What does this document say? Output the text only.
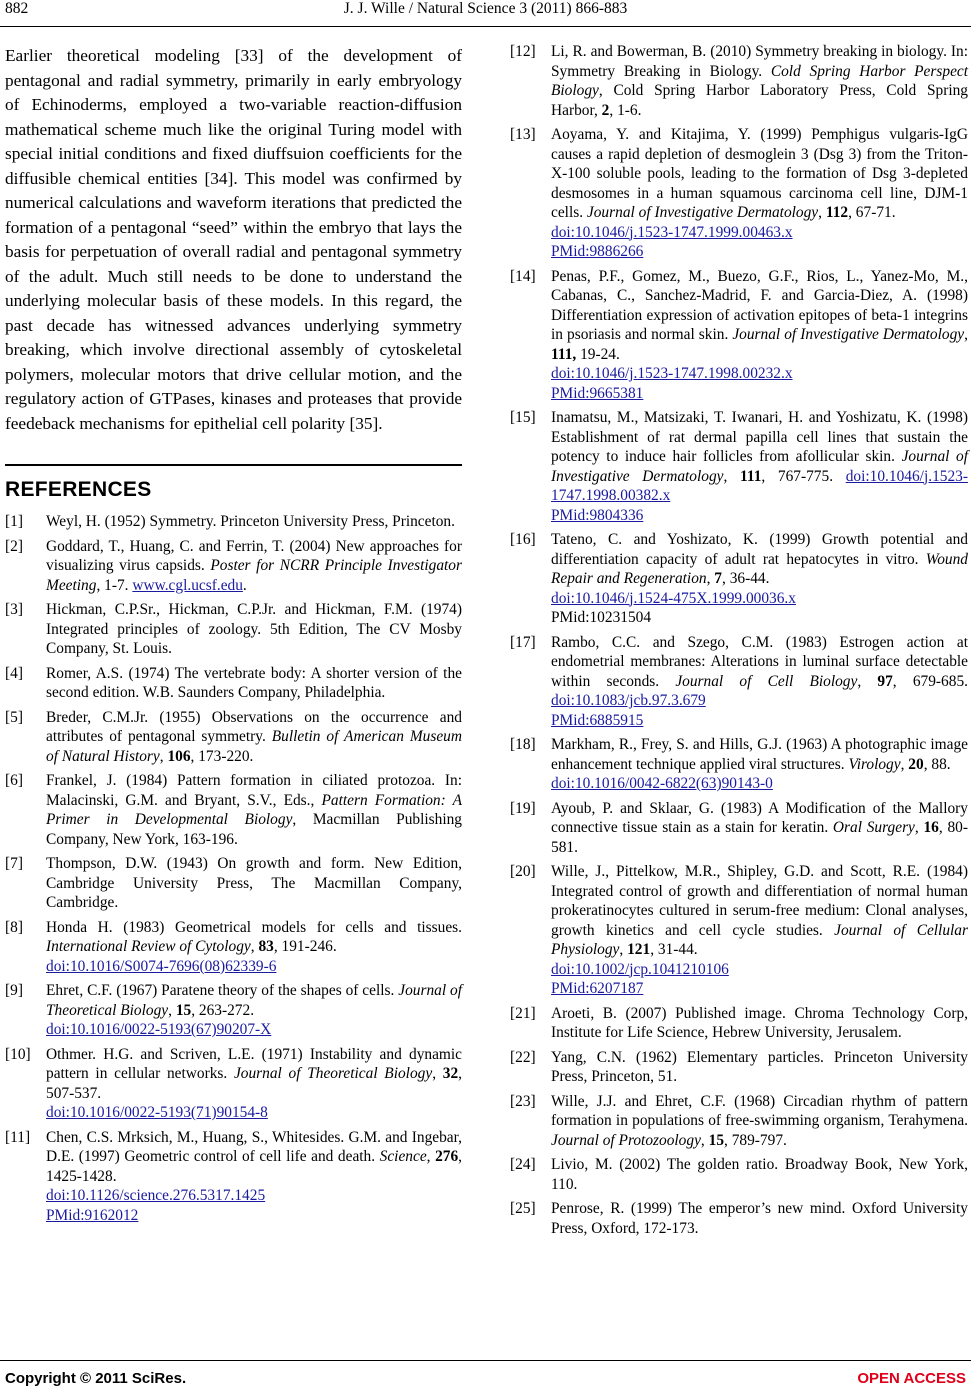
882	J. J. Wille / Natural Science 3 (2011) 866-883

Earlier theoretical modeling [33] of the development of pentagonal and radial symmetry, primarily in early embryology of Echinoderms, employed a two-variable reaction-diffusion mathematical scheme much like the original Turing model with special initial conditions and fixed diuffsuion coefficients for the diffusible chemical entities [34]. This model was confirmed by numerical calculations and waveform iterations that predicted the formation of a pentagonal “seed” within the embryo that lays the basis for perpetuation of overall radial and pentagonal symmetry of the adult. Much still needs to be done to understand the underlying molecular basis of these models. In this regard, the past decade has witnessed advances underlying symmetry breaking, which involve directional assembly of cytoskeletal polymers, molecular motors that drive cellular motion, and the regulatory action of GTPases, kinases and proteases that provide feedeback mechanisms for epithelial cell polarity [35].

REFERENCES
[1] Weyl, H. (1952) Symmetry. Princeton University Press, Princeton.
[2] Goddard, T., Huang, C. and Ferrin, T. (2004) New approaches for visualizing virus capsids. Poster for NCRR Principle Investigator Meeting, 1-7. www.cgl.ucsf.edu.
[3] Hickman, C.P.Sr., Hickman, C.P.Jr. and Hickman, F.M. (1974) Integrated principles of zoology. 5th Edition, The CV Mosby Company, St. Louis.
[4] Romer, A.S. (1974) The vertebrate body: A shorter version of the second edition. W.B. Saunders Company, Philadelphia.
[5] Breder, C.M.Jr. (1955) Observations on the occurrence and attributes of pentagonal symmetry. Bulletin of American Museum of Natural History, 106, 173-220.
[6] Frankel, J. (1984) Pattern formation in ciliated protozoa. In: Malacinski, G.M. and Bryant, S.V., Eds., Pattern Formation: A Primer in Developmental Biology, Macmillan Publishing Company, New York, 163-196.
[7] Thompson, D.W. (1943) On growth and form. New Edition, Cambridge University Press, The Macmillan Company, Cambridge.
[8] Honda H. (1983) Geometrical models for cells and tissues. International Review of Cytology, 83, 191-246.
doi:10.1016/S0074-7696(08)62339-6
[9] Ehret, C.F. (1967) Paratene theory of the shapes of cells. Journal of Theoretical Biology, 15, 263-272.
doi:10.1016/0022-5193(67)90207-X
[10] Othmer. H.G. and Scriven, L.E. (1971) Instability and dynamic pattern in cellular networks. Journal of Theoretical Biology, 32, 507-537.
doi:10.1016/0022-5193(71)90154-8
[11] Chen, C.S. Mrksich, M., Huang, S., Whitesides. G.M. and Ingebar, D.E. (1997) Geometric control of cell life and death. Science, 276, 1425-1428.
doi:10.1126/science.276.5317.1425
PMid:9162012
[12] Li, R. and Bowerman, B. (2010) Symmetry breaking in biology. In: Symmetry Breaking in Biology. Cold Spring Harbor Perspect Biology, Cold Spring Harbor Laboratory Press, Cold Spring Harbor, 2, 1-6.
[13] Aoyama, Y. and Kitajima, Y. (1999) Pemphigus vulgaris-IgG causes a rapid depletion of desmoglein 3 (Dsg 3) from the Triton-X-100 soluble pools, leading to the formation of Dsg 3-depleted desmosomes in a human squamous carcinoma cell line, DJM-1 cells. Journal of Investigative Dermatology, 112, 67-71.
doi:10.1046/j.1523-1747.1999.00463.x
PMid:9886266
[14] Penas, P.F., Gomez, M., Buezo, G.F., Rios, L., Yanez-Mo, M., Cabanas, C., Sanchez-Madrid, F. and Garcia-Diez, A. (1998) Differentiation expression of activation epitopes of beta-1 integrins in psoriasis and normal skin. Journal of Investigative Dermatology, 111, 19-24.
doi:10.1046/j.1523-1747.1998.00232.x
PMid:9665381
[15] Inamatsu, M., Matsizaki, T. Iwanari, H. and Yoshizatu, K. (1998) Establishment of rat dermal papilla cell lines that sustain the potency to induce hair follicles from afollicular skin. Journal of Investigative Dermatology, 111, 767-775. doi:10.1046/j.1523-1747.1998.00382.x
PMid:9804336
[16] Tateno, C. and Yoshizato, K. (1999) Growth potential and differentiation capacity of adult rat hepatocytes in vitro. Wound Repair and Regeneration, 7, 36-44.
doi:10.1046/j.1524-475X.1999.00036.x
PMid:10231504
[17] Rambo, C.C. and Szego, C.M. (1983) Estrogen action at endometrial membranes: Alterations in luminal surface detectable within seconds. Journal of Cell Biology, 97, 679-685. doi:10.1083/jcb.97.3.679
PMid:6885915
[18] Markham, R., Frey, S. and Hills, G.J. (1963) A photographic image enhancement technique applied viral structures. Virology, 20, 88.
doi:10.1016/0042-6822(63)90143-0
[19] Ayoub, P. and Sklaar, G. (1983) A Modification of the Mallory connective tissue stain as a stain for keratin. Oral Surgery, 16, 80-581.
[20] Wille, J., Pittelkow, M.R., Shipley, G.D. and Scott, R.E. (1984) Integrated control of growth and differentiation of normal human prokeratinocytes cultured in serum-free medium: Clonal analyses, growth kinetics and cell cycle studies. Journal of Cellular Physiology, 121, 31-44.
doi:10.1002/jcp.1041210106
PMid:6207187
[21] Aroeti, B. (2007) Published image. Chroma Technology Corp, Institute for Life Science, Hebrew University, Jerusalem.
[22] Yang, C.N. (1962) Elementary particles. Princeton University Press, Princeton, 51.
[23] Wille, J.J. and Ehret, C.F. (1968) Circadian rhythm of pattern formation in populations of free-swimming organism, Terahymena. Journal of Protozoology, 15, 789-797.
[24] Livio, M. (2002) The golden ratio. Broadway Book, New York, 110.
[25] Penrose, R. (1999) The emperor’s new mind. Oxford University Press, Oxford, 172-173.
Copyright © 2011 SciRes.	OPEN ACCESS
